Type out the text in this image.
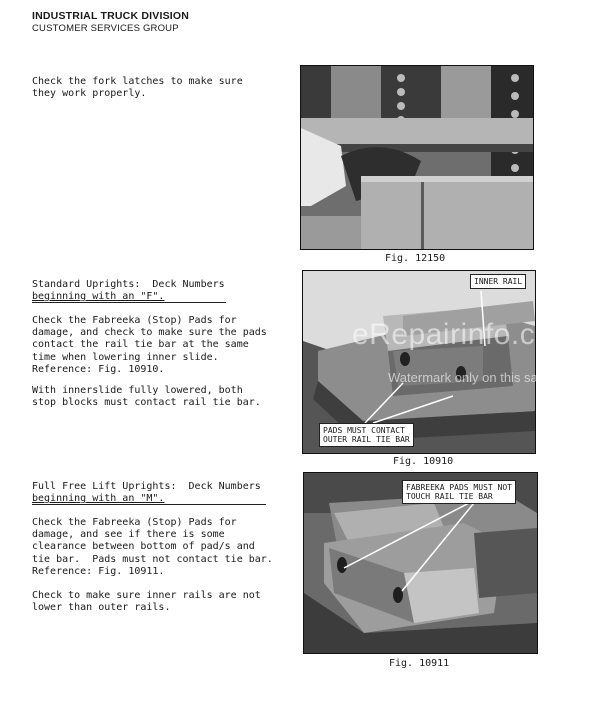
INDUSTRIAL TRUCK DIVISION
CUSTOMER SERVICES GROUP
Check the fork latches to make sure
they work properly.
Fig. 12150
Standard Uprights:  Deck Numbers
beginning with an "F".
Check the Fabreeka (Stop) Pads for
damage, and check to make sure the pads
contact the rail tie bar at the same
time when lowering inner slide.
Reference: Fig. 10910.
With innerslide fully lowered, both
stop blocks must contact rail tie bar.
INNER RAIL
PADS MUST CONTACT
OUTER RAIL TIE BAR
Fig. 10910
Full Free Lift Uprights:  Deck Numbers
beginning with an "M".
Check the Fabreeka (Stop) Pads for
damage, and see if there is some
clearance between bottom of pad/s and
tie bar.  Pads must not contact tie bar.
Reference: Fig. 10911.
Check to make sure inner rails are not
lower than outer rails.
FABREEKA PADS MUST NOT
TOUCH RAIL TIE BAR
Fig. 10911
eRepairinfo.com
Watermark only on this sample
